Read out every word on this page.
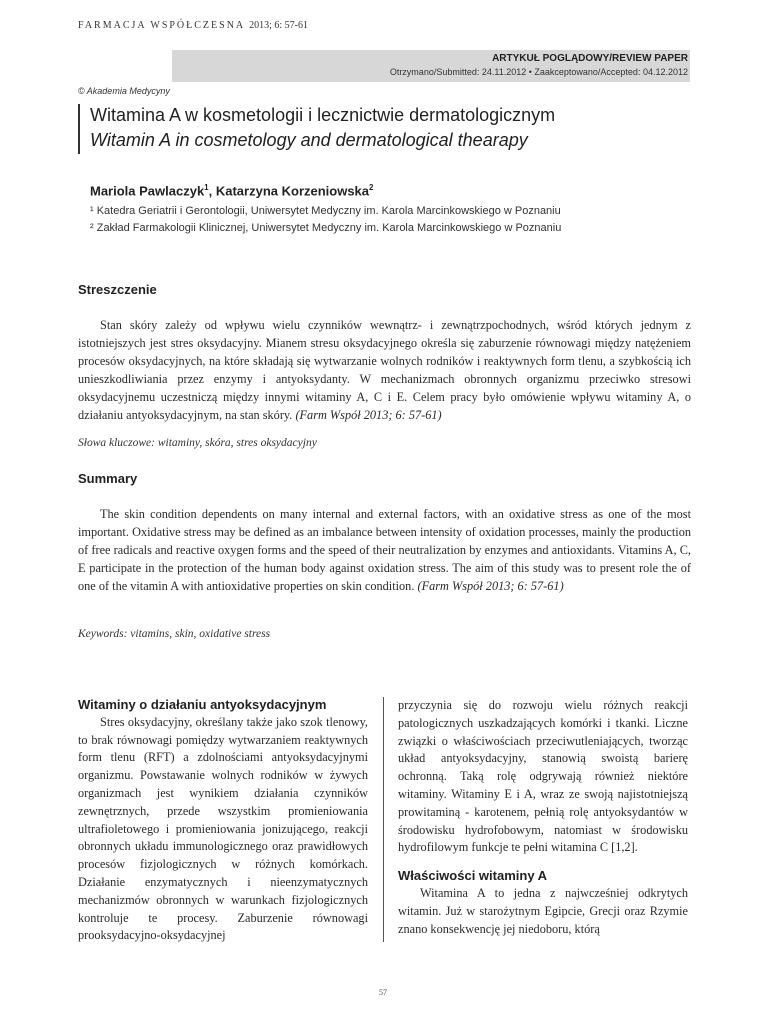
FARMACJA WSPÓŁCZESNA 2013; 6: 57-61
ARTYKUŁ POGLĄDOWY/REVIEW PAPER
Otrzymano/Submitted: 24.11.2012 • Zaakceptowano/Accepted: 04.12.2012
© Akademia Medycyny
Witamina A w kosmetologii i lecznictwie dermatologicznym
Witamin A in cosmetology and dermatological thearapy
Mariola Pawlaczyk$^1$, Katarzyna Korzeniowska$^2$
¹ Katedra Geriatrii i Gerontologii, Uniwersytet Medyczny im. Karola Marcinkowskiego w Poznaniu
² Zakład Farmakologii Klinicznej, Uniwersytet Medyczny im. Karola Marcinkowskiego w Poznaniu
Streszczenie
Stan skóry zależy od wpływu wielu czynników wewnątrz- i zewnątrzpochodnych, wśród których jednym z istotniejszych jest stres oksydacyjny. Mianem stresu oksydacyjnego określa się zaburzenie równowagi między natężeniem procesów oksydacyjnych, na które składają się wytwarzanie wolnych rodników i reaktywnych form tlenu, a szybkością ich unieszkodliwiania przez enzymy i antyoksydanty. W mechanizmach obronnych organizmu przeciwko stresowi oksydacyjnemu uczestniczą między innymi witaminy A, C i E. Celem pracy było omówienie wpływu witaminy A, o działaniu antyoksydacyjnym, na stan skóry. (Farm Współ 2013; 6: 57-61)
Słowa kluczowe: witaminy, skóra, stres oksydacyjny
Summary
The skin condition dependents on many internal and external factors, with an oxidative stress as one of the most important. Oxidative stress may be defined as an imbalance between intensity of oxidation processes, mainly the production of free radicals and reactive oxygen forms and the speed of their neutralization by enzymes and antioxidants. Vitamins A, C, E participate in the protection of the human body against oxidation stress. The aim of this study was to present role the of one of the vitamin A with antioxidative properties on skin condition. (Farm Współ 2013; 6: 57-61)
Keywords: vitamins, skin, oxidative stress
Witaminy o działaniu antyoksydacyjnym
Stres oksydacyjny, określany także jako szok tlenowy, to brak równowagi pomiędzy wytwarzaniem reaktywnych form tlenu (RFT) a zdolnościami antyoksydacyjnymi organizmu. Powstawanie wolnych rodników w żywych organizmach jest wynikiem działania czynników zewnętrznych, przede wszystkim promieniowania ultrafioletowego i promieniowania jonizującego, reakcji obronnych układu immunologicznego oraz prawidłowych procesów fizjologicznych w różnych komórkach. Działanie enzymatycznych i nieenzymatycznych mechanizmów obronnych w warunkach fizjologicznych kontroluje te procesy. Zaburzenie równowagi prooksydacyjno-oksydacyjnej
przyczynia się do rozwoju wielu różnych reakcji patologicznych uszkadzających komórki i tkanki. Liczne związki o właściwościach przeciwutleniających, tworząc układ antyoksydacyjny, stanowią swoistą barierę ochronną. Taką rolę odgrywają również niektóre witaminy. Witaminy E i A, wraz ze swoją najistotniejszą prowitaminą - karotenem, pełnią rolę antyoksydantów w środowisku hydrofobowym, natomiast w środowisku hydrofilowym funkcje te pełni witamina C [1,2].
Właściwości witaminy A
Witamina A to jedna z najwcześniej odkrytych witamin. Już w starożytnym Egipcie, Grecji oraz Rzymie znano konsekwencję jej niedoboru, którą
57
